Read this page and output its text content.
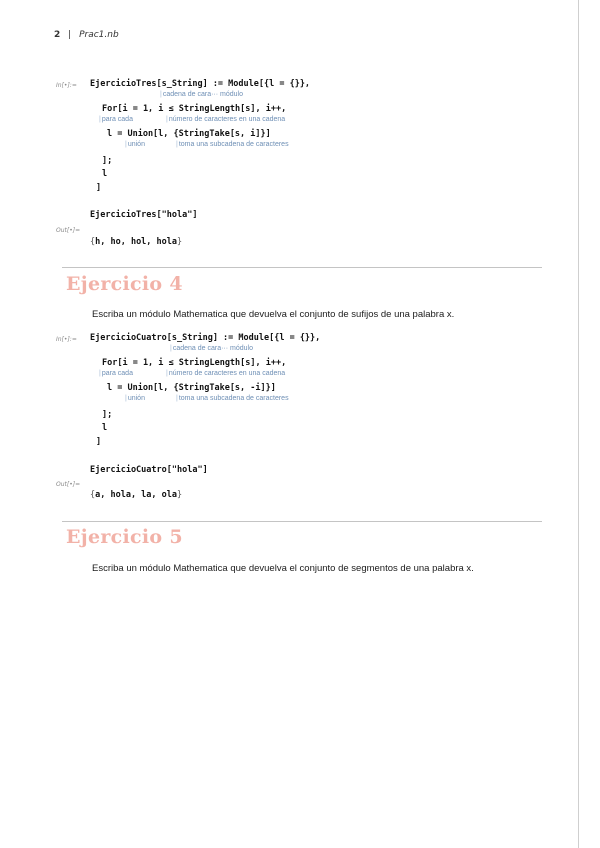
2 | Prac1.nb
In[•]:= EjercicioTres[s_String] := Module[{l = {}},
| cadena de cara··· módulo
For[i = 1, i ≤ StringLength[s], i++,
| para cada	| número de caracteres en una cadena
l = Union[l, {StringTake[s, i]}]
| unión	| toma una subcadena de caracteres
];
l
]
EjercicioTres["hola"]
Out[•]=
{h, ho, hol, hola}
Ejercicio 4
Escriba un módulo Mathematica que devuelva el conjunto de sufijos de una palabra x.
In[•]:= EjercicioCuatro[s_String] := Module[{l = {}},
| cadena de cara··· módulo
For[i = 1, i ≤ StringLength[s], i++,
| para cada	| número de caracteres en una cadena
l = Union[l, {StringTake[s, -i]}]
| unión	| toma una subcadena de caracteres
];
l
]
EjercicioCuatro["hola"]
Out[•]=
{a, hola, la, ola}
Ejercicio 5
Escriba un módulo Mathematica que devuelva el conjunto de segmentos de una palabra x.
